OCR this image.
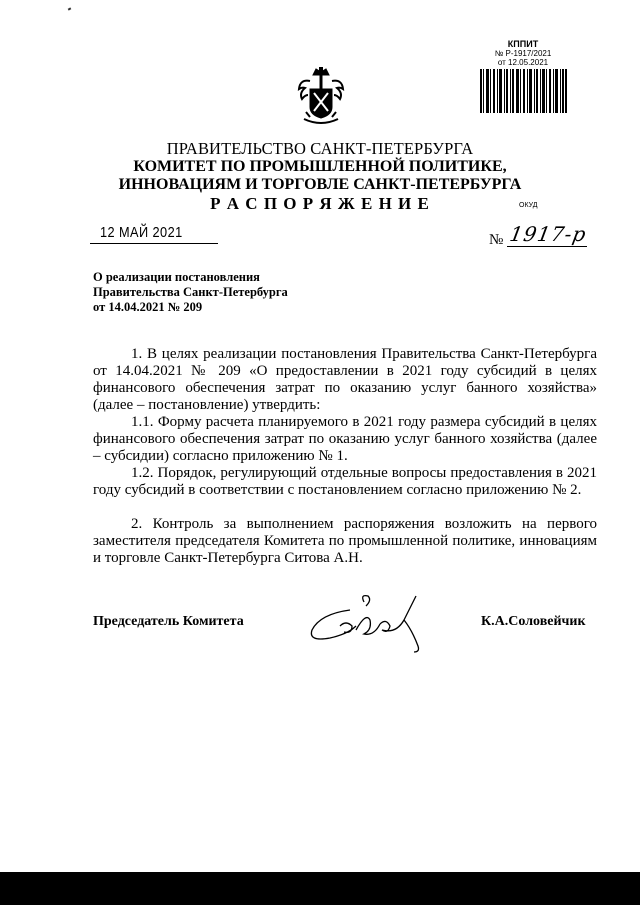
КППИТ
№ Р-1917/2021
от 12.05.2021
ПРАВИТЕЛЬСТВО САНКТ-ПЕТЕРБУРГА
КОМИТЕТ ПО ПРОМЫШЛЕННОЙ ПОЛИТИКЕ,
ИННОВАЦИЯМ И ТОРГОВЛЕ САНКТ-ПЕТЕРБУРГА
Р А С П О Р Я Ж Е Н И Е	ОКУД
12 МАЙ 2021	№ 1917-р
О реализации постановления
Правительства Санкт-Петербурга
от 14.04.2021 № 209
1. В целях реализации постановления Правительства Санкт-Петербурга от 14.04.2021 № 209 «О предоставлении в 2021 году субсидий в целях финансового обеспечения затрат по оказанию услуг банного хозяйства» (далее – постановление) утвердить:
1.1. Форму расчета планируемого в 2021 году размера субсидий в целях финансового обеспечения затрат по оказанию услуг банного хозяйства (далее – субсидии) согласно приложению № 1.
1.2. Порядок, регулирующий отдельные вопросы предоставления в 2021 году субсидий в соответствии с постановлением согласно приложению № 2.
2. Контроль за выполнением распоряжения возложить на первого заместителя председателя Комитета по промышленной политике, инновациям и торговле Санкт-Петербурга Ситова А.Н.
Председатель Комитета	К.А.Соловейчик
